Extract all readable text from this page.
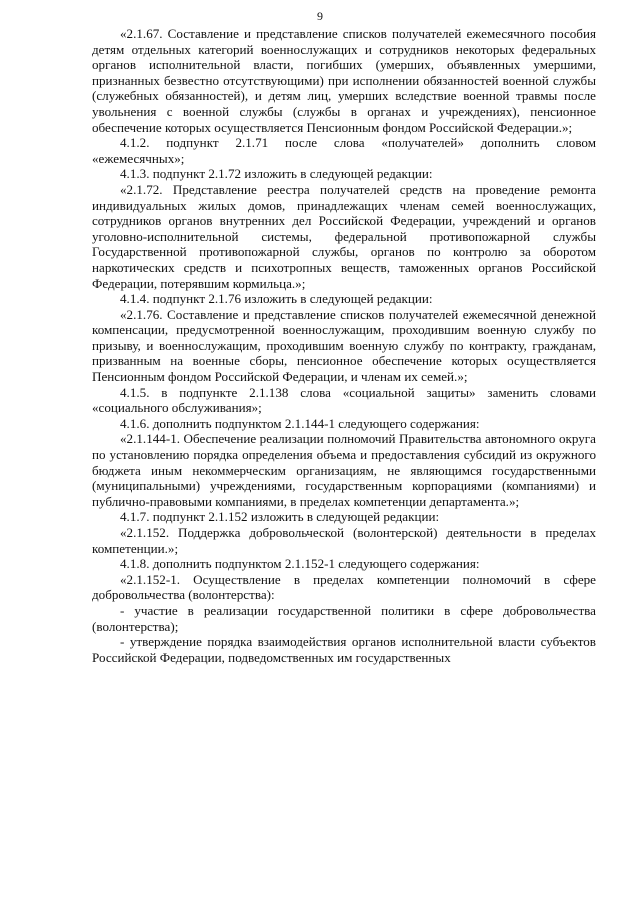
9

«2.1.67. Составление и представление списков получателей ежемесячного пособия детям отдельных категорий военнослужащих и сотрудников некоторых федеральных органов исполнительной власти, погибших (умерших, объявленных умершими, признанных безвестно отсутствующими) при исполнении обязанностей военной службы (служебных обязанностей), и детям лиц, умерших вследствие военной травмы после увольнения с военной службы (службы в органах и учреждениях), пенсионное обеспечение которых осуществляется Пенсионным фондом Российской Федерации.»;

4.1.2. подпункт 2.1.71 после слова «получателей» дополнить словом «ежемесячных»;

4.1.3. подпункт 2.1.72 изложить в следующей редакции:

«2.1.72. Представление реестра получателей средств на проведение ремонта индивидуальных жилых домов, принадлежащих членам семей военнослужащих, сотрудников органов внутренних дел Российской Федерации, учреждений и органов уголовно-исполнительной системы, федеральной противопожарной службы Государственной противопожарной службы, органов по контролю за оборотом наркотических средств и психотропных веществ, таможенных органов Российской Федерации, потерявшим кормильца.»;

4.1.4. подпункт 2.1.76 изложить в следующей редакции:

«2.1.76. Составление и представление списков получателей ежемесячной денежной компенсации, предусмотренной военнослужащим, проходившим военную службу по призыву, и военнослужащим, проходившим военную службу по контракту, гражданам, призванным на военные сборы, пенсионное обеспечение которых осуществляется Пенсионным фондом Российской Федерации, и членам их семей.»;

4.1.5. в подпункте 2.1.138 слова «социальной защиты» заменить словами «социального обслуживания»;

4.1.6. дополнить подпунктом 2.1.144-1 следующего содержания:

«2.1.144-1. Обеспечение реализации полномочий Правительства автономного округа по установлению порядка определения объема и предоставления субсидий из окружного бюджета иным некоммерческим организациям, не являющимся государственными (муниципальными) учреждениями, государственным корпорациями (компаниями) и публично-правовыми компаниями, в пределах компетенции департамента.»;

4.1.7. подпункт 2.1.152 изложить в следующей редакции:

«2.1.152. Поддержка добровольческой (волонтерской) деятельности в пределах компетенции.»;

4.1.8. дополнить подпунктом 2.1.152-1 следующего содержания:

«2.1.152-1. Осуществление в пределах компетенции полномочий в сфере добровольчества (волонтерства):

- участие в реализации государственной политики в сфере добровольчества (волонтерства);

- утверждение порядка взаимодействия органов исполнительной власти субъектов Российской Федерации, подведомственных им государственных
